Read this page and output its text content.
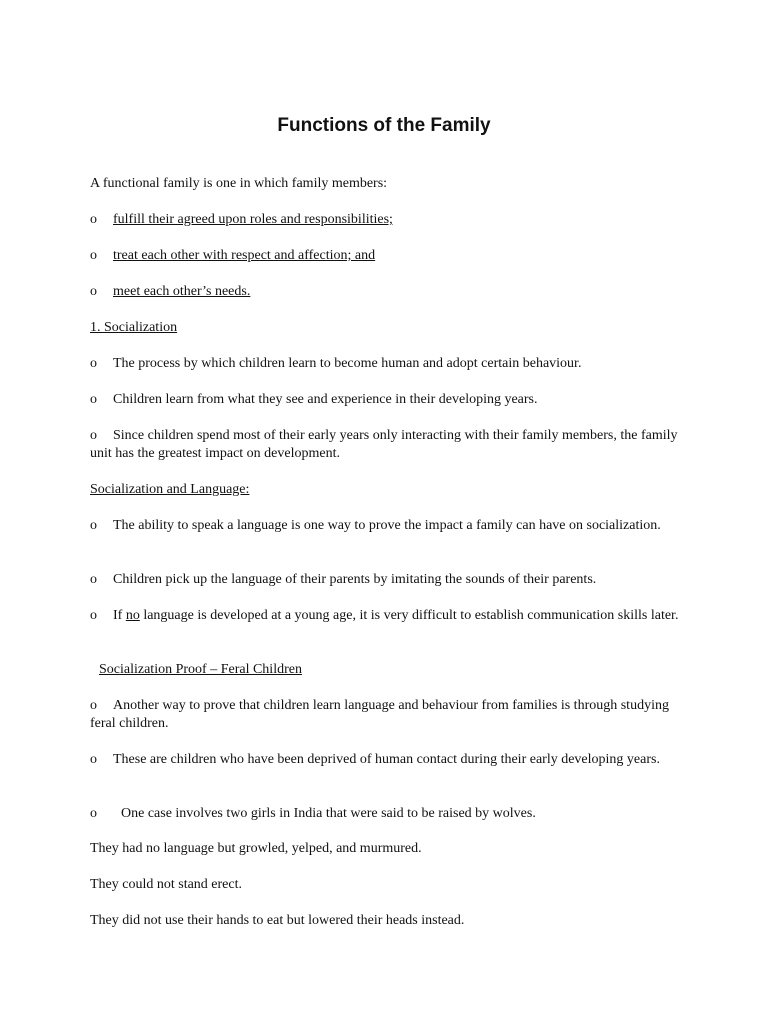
Functions of the Family

A functional family is one in which family members:

o fulfill their agreed upon roles and responsibilities;

o treat each other with respect and affection; and

o meet each other’s needs.

1. Socialization

o The process by which children learn to become human and adopt certain behaviour.

o Children learn from what they see and experience in their developing years.

o Since children spend most of their early years only interacting with their family members, the family unit has the greatest impact on development.

Socialization and Language:

o The ability to speak a language is one way to prove the impact a family can have on socialization.

o Children pick up the language of their parents by imitating the sounds of their parents.

o If no language is developed at a young age, it is very difficult to establish communication skills later.

Socialization Proof – Feral Children

o Another way to prove that children learn language and behaviour from families is through studying feral children.

o These are children who have been deprived of human contact during their early developing years.

o One case involves two girls in India that were said to be raised by wolves.

They had no language but growled, yelped, and murmured.

They could not stand erect.

They did not use their hands to eat but lowered their heads instead.
